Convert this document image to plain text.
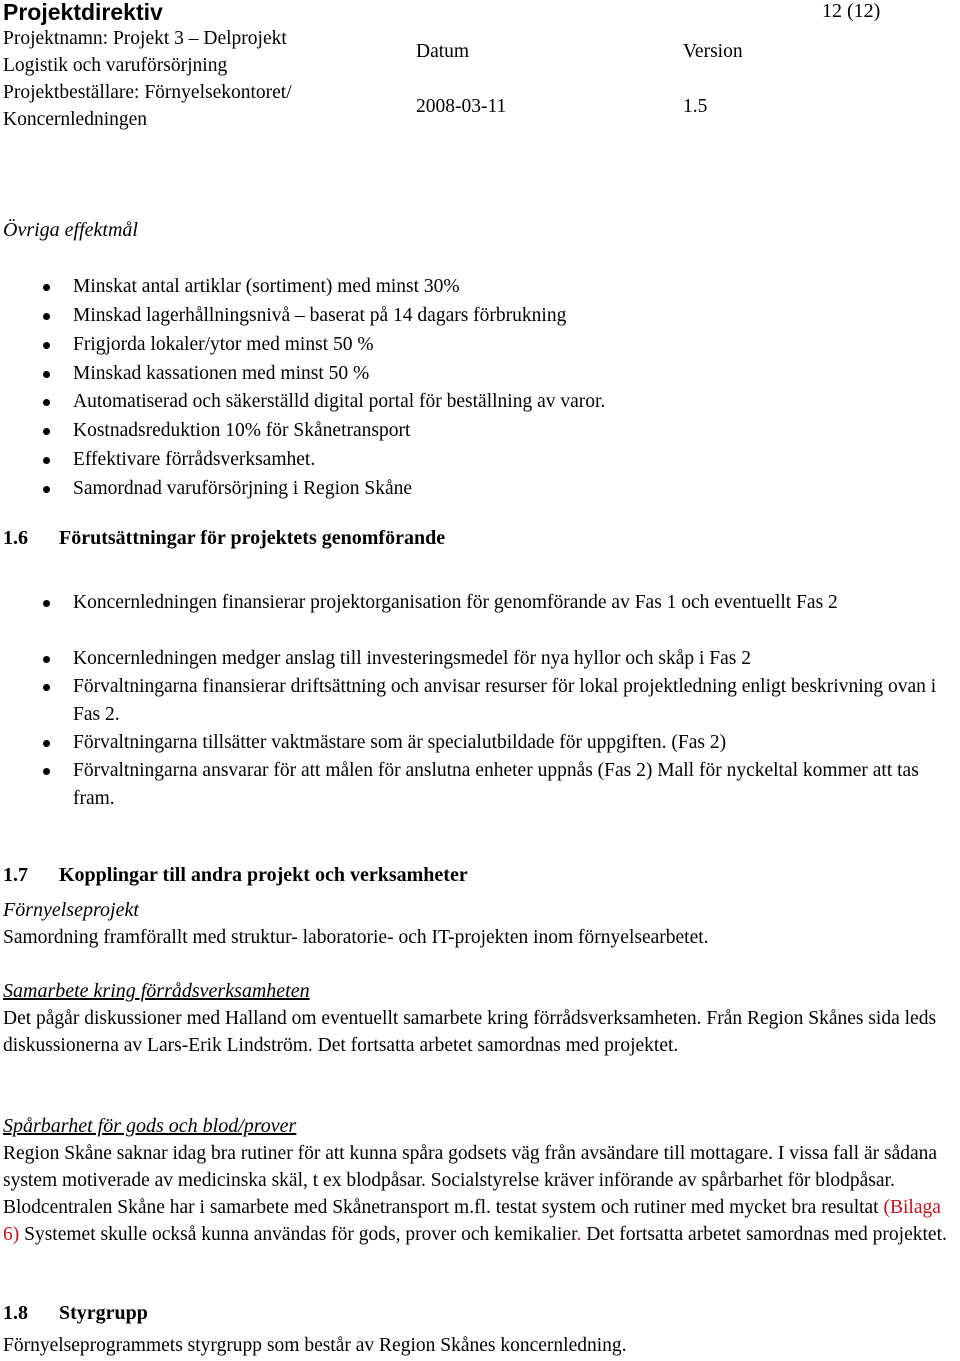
Projektdirektiv	12 (12)
Projektnamn: Projekt 3 – Delprojekt
Logistik och varuförsörjning
Projektbeställare: Förnyelsekontoret/
Koncernledningen
Datum
2008-03-11
Version
1.5
Övriga effektmål
Minskat antal artiklar (sortiment) med minst 30%
Minskad lagerhållningsnivå – baserat på 14 dagars förbrukning
Frigjorda lokaler/ytor med minst 50 %
Minskad kassationen med minst 50 %
Automatiserad och säkerställd digital portal för beställning av varor.
Kostnadsreduktion 10% för Skånetransport
Effektivare förrådsverksamhet.
Samordnad varuförsörjning i Region Skåne
1.6 Förutsättningar för projektets genomförande
Koncernledningen finansierar projektorganisation för genomförande av Fas 1 och eventuellt Fas 2
Koncernledningen medger anslag till investeringsmedel för nya hyllor och skåp i Fas 2
Förvaltningarna finansierar driftsättning och anvisar resurser för lokal projektledning enligt beskrivning ovan i Fas 2.
Förvaltningarna tillsätter vaktmästare som är specialutbildade för uppgiften. (Fas 2)
Förvaltningarna ansvarar för att målen för anslutna enheter uppnås (Fas 2) Mall för nyckeltal kommer att tas fram.
1.7 Kopplingar till andra projekt och verksamheter
Förnyelseprojekt
Samordning framförallt med struktur- laboratorie- och IT-projekten inom förnyelsearbetet.
Samarbete kring förrådsverksamheten
Det pågår diskussioner med Halland om eventuellt samarbete kring förrådsverksamheten. Från Region Skånes sida leds diskussionerna av Lars-Erik Lindström. Det fortsatta arbetet samordnas med projektet.
Spårbarhet för gods och blod/prover
Region Skåne saknar idag bra rutiner för att kunna spåra godsets väg från avsändare till mottagare. I vissa fall är sådana system motiverade av medicinska skäl, t ex blodpåsar. Socialstyrelse kräver införande av spårbarhet för blodpåsar. Blodcentralen Skåne har i samarbete med Skånetransport m.fl. testat system och rutiner med mycket bra resultat (Bilaga 6) Systemet skulle också kunna användas för gods, prover och kemikalier. Det fortsatta arbetet samordnas med projektet.
1.8 Styrgrupp
Förnyelseprogrammets styrgrupp som består av Region Skånes koncernledning.
